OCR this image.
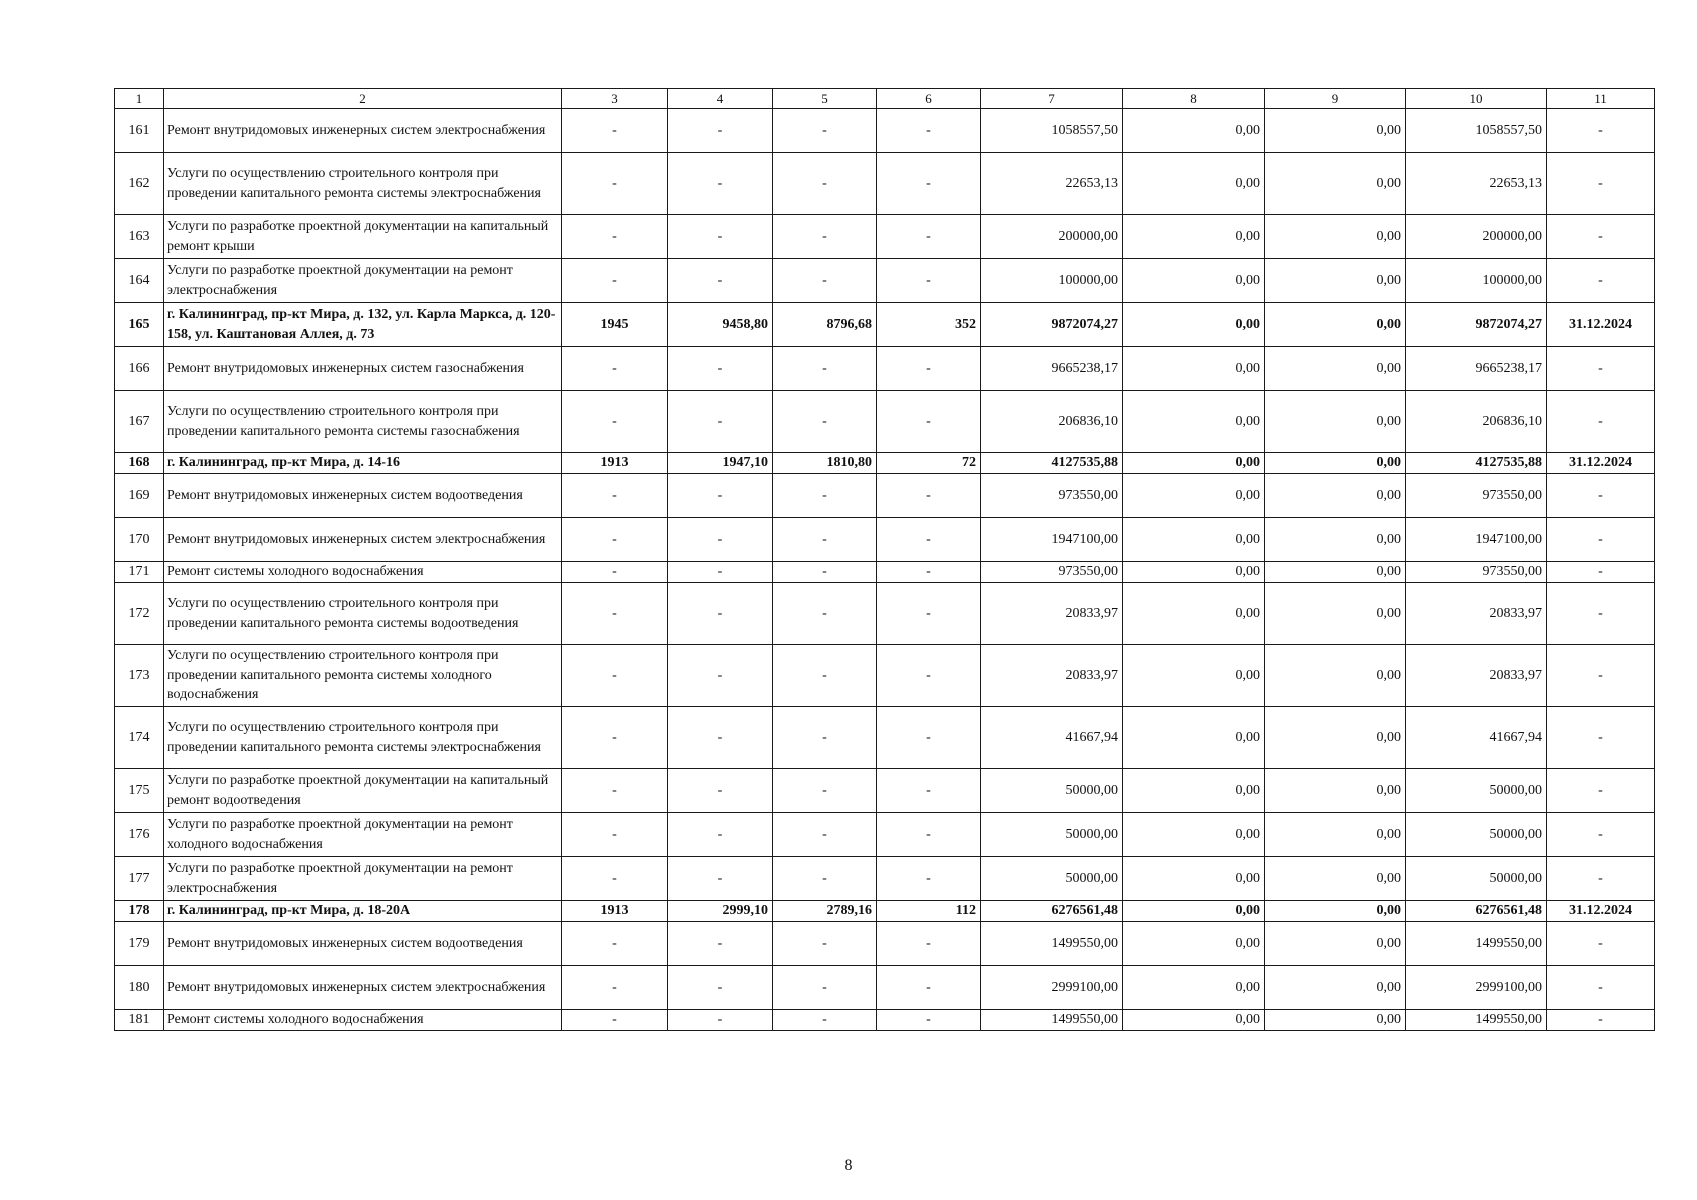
1	2	3	4	5	6	7	8	9	10	11
161	Ремонт внутридомовых инженерных систем электроснабжения	-	-	-	-	1058557,50	0,00	0,00	1058557,50	-
162	Услуги по осуществлению строительного контроля при проведении капитального ремонта системы электроснабжения	-	-	-	-	22653,13	0,00	0,00	22653,13	-
163	Услуги по разработке проектной документации на капитальный ремонт крыши	-	-	-	-	200000,00	0,00	0,00	200000,00	-
164	Услуги по разработке проектной документации на ремонт электроснабжения	-	-	-	-	100000,00	0,00	0,00	100000,00	-
165	г. Калининград, пр-кт Мира, д. 132, ул. Карла Маркса, д. 120-158, ул. Каштановая Аллея, д. 73	1945	9458,80	8796,68	352	9872074,27	0,00	0,00	9872074,27	31.12.2024
166	Ремонт внутридомовых инженерных систем газоснабжения	-	-	-	-	9665238,17	0,00	0,00	9665238,17	-
167	Услуги по осуществлению строительного контроля при проведении капитального ремонта системы газоснабжения	-	-	-	-	206836,10	0,00	0,00	206836,10	-
168	г. Калининград, пр-кт Мира, д. 14-16	1913	1947,10	1810,80	72	4127535,88	0,00	0,00	4127535,88	31.12.2024
169	Ремонт внутридомовых инженерных систем водоотведения	-	-	-	-	973550,00	0,00	0,00	973550,00	-
170	Ремонт внутридомовых инженерных систем электроснабжения	-	-	-	-	1947100,00	0,00	0,00	1947100,00	-
171	Ремонт системы холодного водоснабжения	-	-	-	-	973550,00	0,00	0,00	973550,00	-
172	Услуги по осуществлению строительного контроля при проведении капитального ремонта системы водоотведения	-	-	-	-	20833,97	0,00	0,00	20833,97	-
173	Услуги по осуществлению строительного контроля при проведении капитального ремонта системы холодного водоснабжения	-	-	-	-	20833,97	0,00	0,00	20833,97	-
174	Услуги по осуществлению строительного контроля при проведении капитального ремонта системы электроснабжения	-	-	-	-	41667,94	0,00	0,00	41667,94	-
175	Услуги по разработке проектной документации на капитальный ремонт водоотведения	-	-	-	-	50000,00	0,00	0,00	50000,00	-
176	Услуги по разработке проектной документации на ремонт холодного водоснабжения	-	-	-	-	50000,00	0,00	0,00	50000,00	-
177	Услуги по разработке проектной документации на ремонт электроснабжения	-	-	-	-	50000,00	0,00	0,00	50000,00	-
178	г. Калининград, пр-кт Мира, д. 18-20А	1913	2999,10	2789,16	112	6276561,48	0,00	0,00	6276561,48	31.12.2024
179	Ремонт внутридомовых инженерных систем водоотведения	-	-	-	-	1499550,00	0,00	0,00	1499550,00	-
180	Ремонт внутридомовых инженерных систем электроснабжения	-	-	-	-	2999100,00	0,00	0,00	2999100,00	-
181	Ремонт системы холодного водоснабжения	-	-	-	-	1499550,00	0,00	0,00	1499550,00	-
8
